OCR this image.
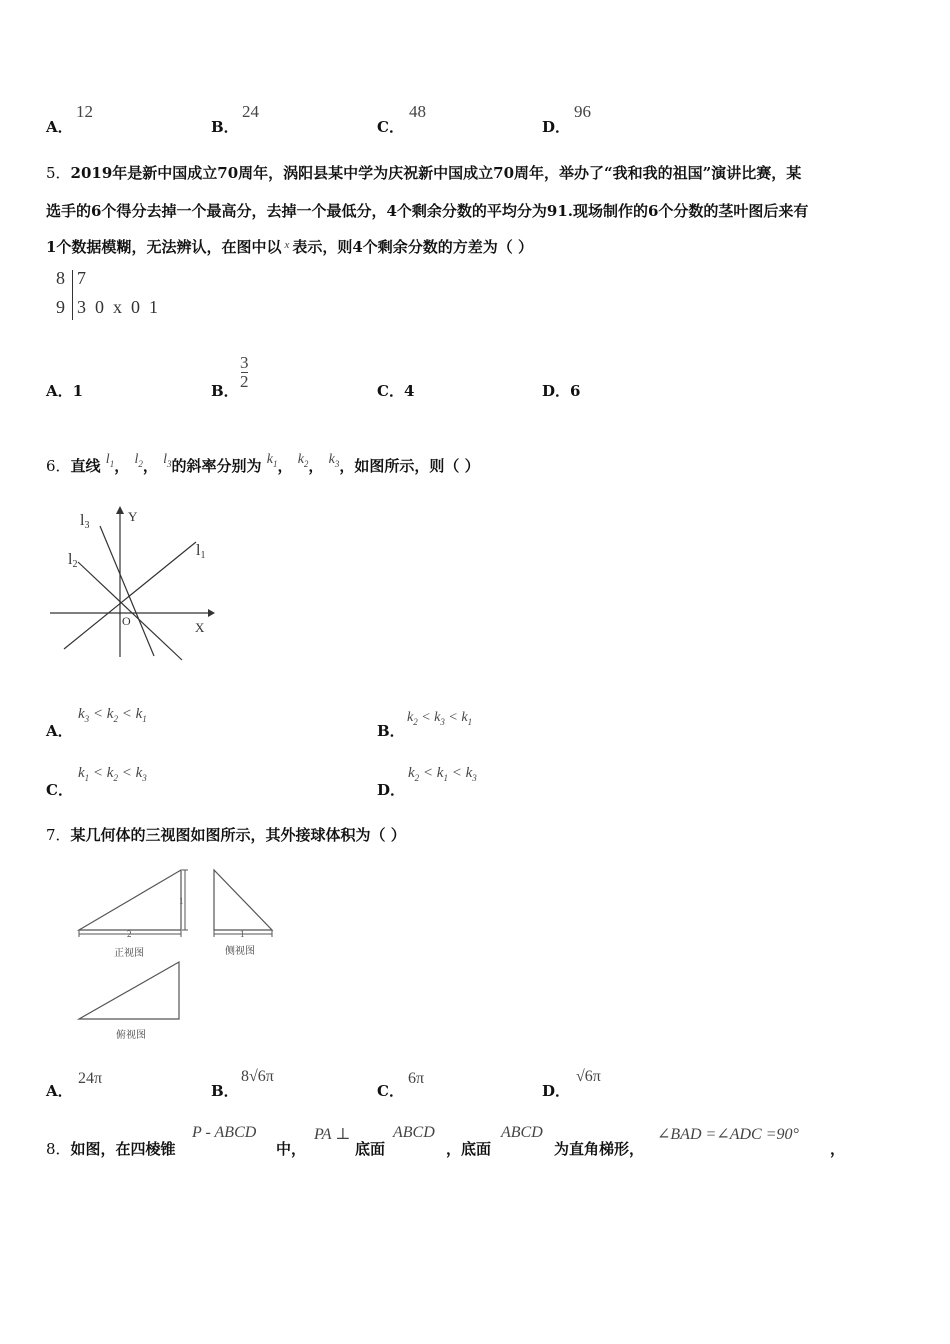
A．
12
B．
24
C．
48
D．
96
5．2019年是新中国成立70周年，涡阳县某中学为庆祝新中国成立70周年，举办了“我和我的祖国”演讲比赛，某
选手的6个得分去掉一个最高分，去掉一个最低分，4个剩余分数的平均分为91.现场制作的6个分数的茎叶图后来有
1个数据模糊，无法辨认，在图中以 $^x$ 表示，则4个剩余分数的方差为（ ）
8 7
9 3  0  x  0  1
A．1	B．
3
2	C．4	D．6
6．直线 $l_1$， $l_2$， $l_3$的斜率分别为 $k_1$， $k_2$， $k_3$，如图所示，则（ ）
Y
X
O
l1
l2
l3
A．
$k_3 < k_2 < k_1$
B．
$k_2 < k_3 < k_1$
C．
$k_1 < k_2 < k_3$
D．
$k_2 < k_1 < k_3$
7．某几何体的三视图如图所示，其外接球体积为（ ）
2
1
正视图
1
侧视图
俯视图
A．
24π
B．
8√6π
C．
6π
D．
√6π
8．如图，在四棱锥
P - ABCD
中，
PA ⊥
底面
ABCD
，底面
ABCD
为直角梯形，
∠BAD =∠ADC =90°
，
